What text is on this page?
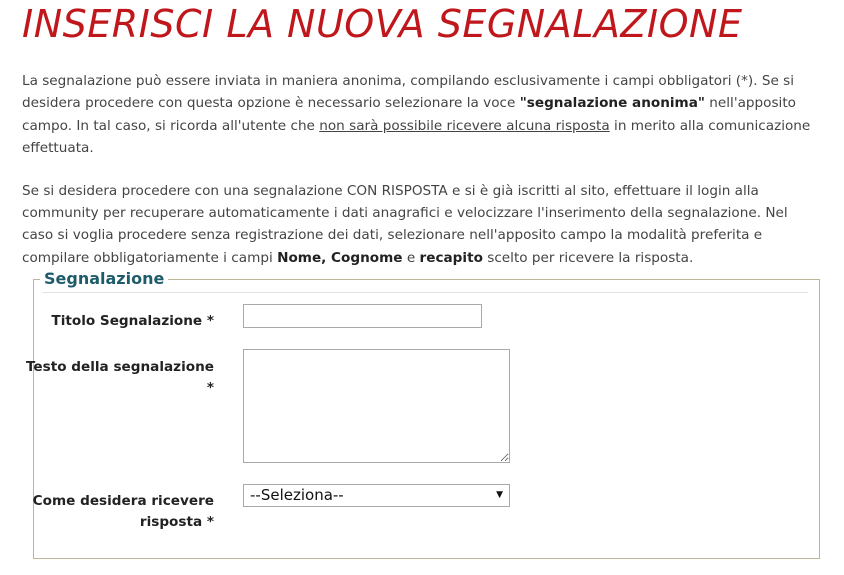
INSERISCI LA NUOVA SEGNALAZIONE

La segnalazione può essere inviata in maniera anonima, compilando esclusivamente i campi obbligatori (*). Se si desidera procedere con questa opzione è necessario selezionare la voce "segnalazione anonima" nell'apposito campo. In tal caso, si ricorda all'utente che non sarà possibile ricevere alcuna risposta in merito alla comunicazione effettuata.

Se si desidera procedere con una segnalazione CON RISPOSTA e si è già iscritti al sito, effettuare il login alla community per recuperare automaticamente i dati anagrafici e velocizzare l'inserimento della segnalazione. Nel caso si voglia procedere senza registrazione dei dati, selezionare nell'apposito campo la modalità preferita e compilare obbligatoriamente i campi Nome, Cognome e recapito scelto per ricevere la risposta.

Segnalazione
Titolo Segnalazione *
Testo della segnalazione
*
Come desidera ricevere
risposta *
--Seleziona--	▼
